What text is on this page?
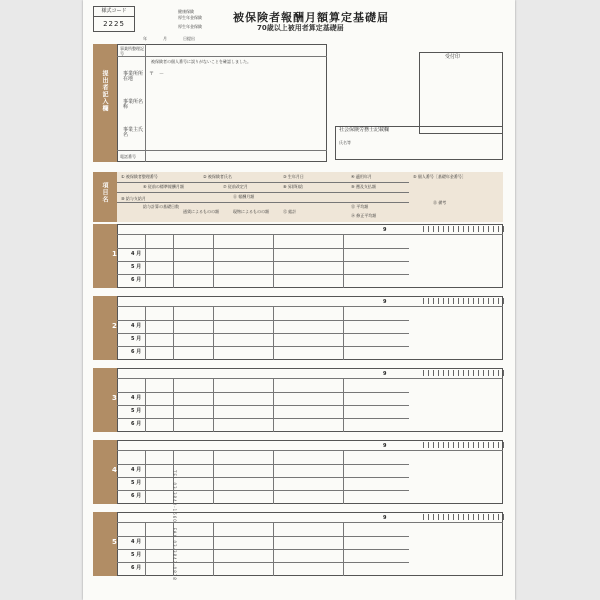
様式コード
2225
健康保険
厚生年金保険
厚生年金保険
被保険者報酬月額算定基礎届
70歳以上被用者算定基礎届
年	月	日提出
提出者記入欄
事業所整理記号
被保険者の個人番号に誤りがないことを確認しました。
事業所所在地
〒　－
事業所名称
事業主氏名
電話番号
受付印
社会保険労務士記載欄
氏名等
項目名
① 被保険者整理番号	② 被保険者氏名	③ 生年月日	④ 適用年月	⑤ 個人番号［基礎年金番号］
⑥ 従前の標準報酬月額	⑦ 従前改定月	⑧ 昇(降)給	⑨ 遡及支払額
⑩ 給与支給月
給与計算の基礎日数
⑪ 報酬月額
通貨によるものの額	現物によるものの額	⑫ 総計
⑬ 平均額
⑭ 修正平均額
⑮ 備考
1
9
4 月
5 月
6 月
2
9
4 月
5 月
6 月
3
9
4 月
5 月
6 月
4
9
4 月
5 月
6 月
5
9
4 月
5 月
6 月	TEL 03-3842-1660　FAX 03-3842-0878
